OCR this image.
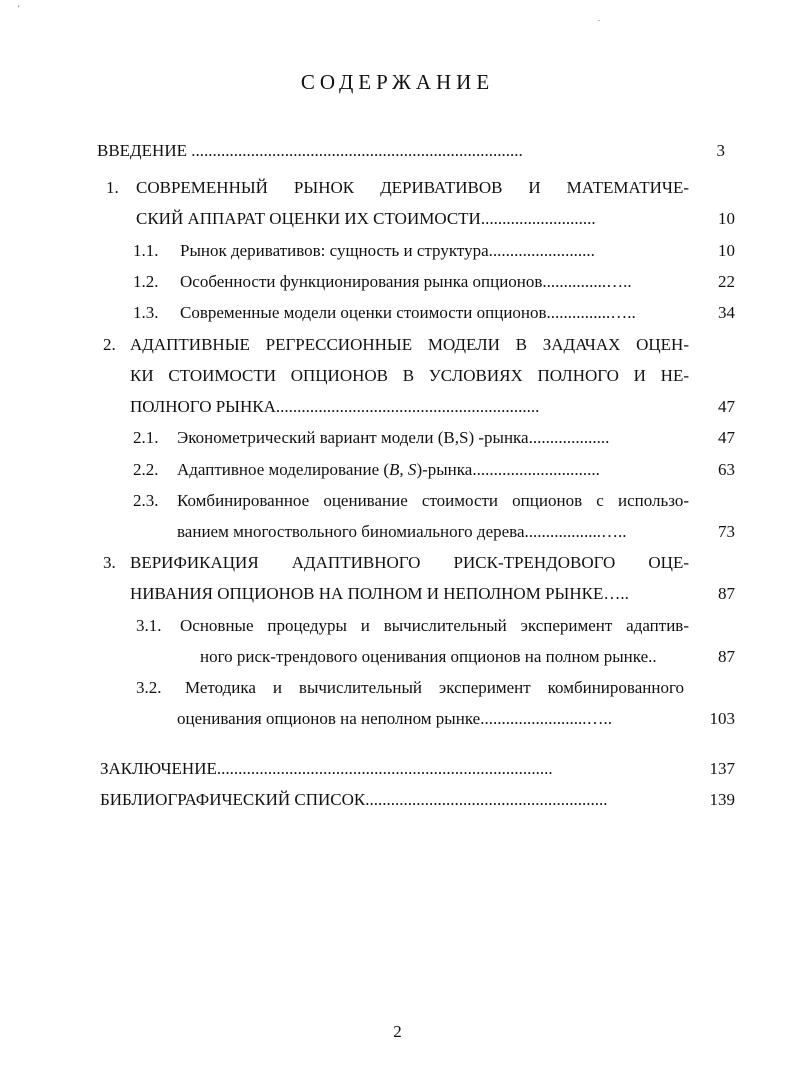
'
.
СОДЕРЖАНИЕ
ВВЕДЕНИЕ ..............................................................................	3
1. СОВРЕМЕННЫЙ РЫНОК ДЕРИВАТИВОВ И МАТЕМАТИЧЕ-
СКИЙ АППАРАТ ОЦЕНКИ ИХ СТОИМОСТИ...........................	10
1.1. Рынок деривативов: сущность и структура.........................	10
1.2. Особенности функционирования рынка опционов...............…..	22
1.3. Современные модели оценки стоимости опционов...............…..	34
2. АДАПТИВНЫЕ РЕГРЕССИОННЫЕ МОДЕЛИ В ЗАДАЧАХ ОЦЕН-
КИ СТОИМОСТИ ОПЦИОНОВ В УСЛОВИЯХ ПОЛНОГО И НЕ-
ПОЛНОГО РЫНКА..............................................................	47
2.1. Эконометрический вариант модели (B,S) -рынка...................	47
2.2. Адаптивное моделирование (B, S)-рынка..............................	63
2.3. Комбинированное оценивание стоимости опционов с использо-
ванием многоствольного биномиального дерева..................…..	73
3. ВЕРИФИКАЦИЯ АДАПТИВНОГО РИСК-ТРЕНДОВОГО ОЦЕ-
НИВАНИЯ ОПЦИОНОВ НА ПОЛНОМ И НЕПОЛНОМ РЫНКЕ…..	87
3.1. Основные процедуры и вычислительный эксперимент адаптив-
ного риск-трендового оценивания опционов на полном рынке..	87
3.2. Методика и вычислительный эксперимент комбинированного
оценивания опционов на неполном рынке.........................…..	103
ЗАКЛЮЧЕНИЕ...............................................................................	137
БИБЛИОГРАФИЧЕСКИЙ СПИСОК.........................................................	139
2
